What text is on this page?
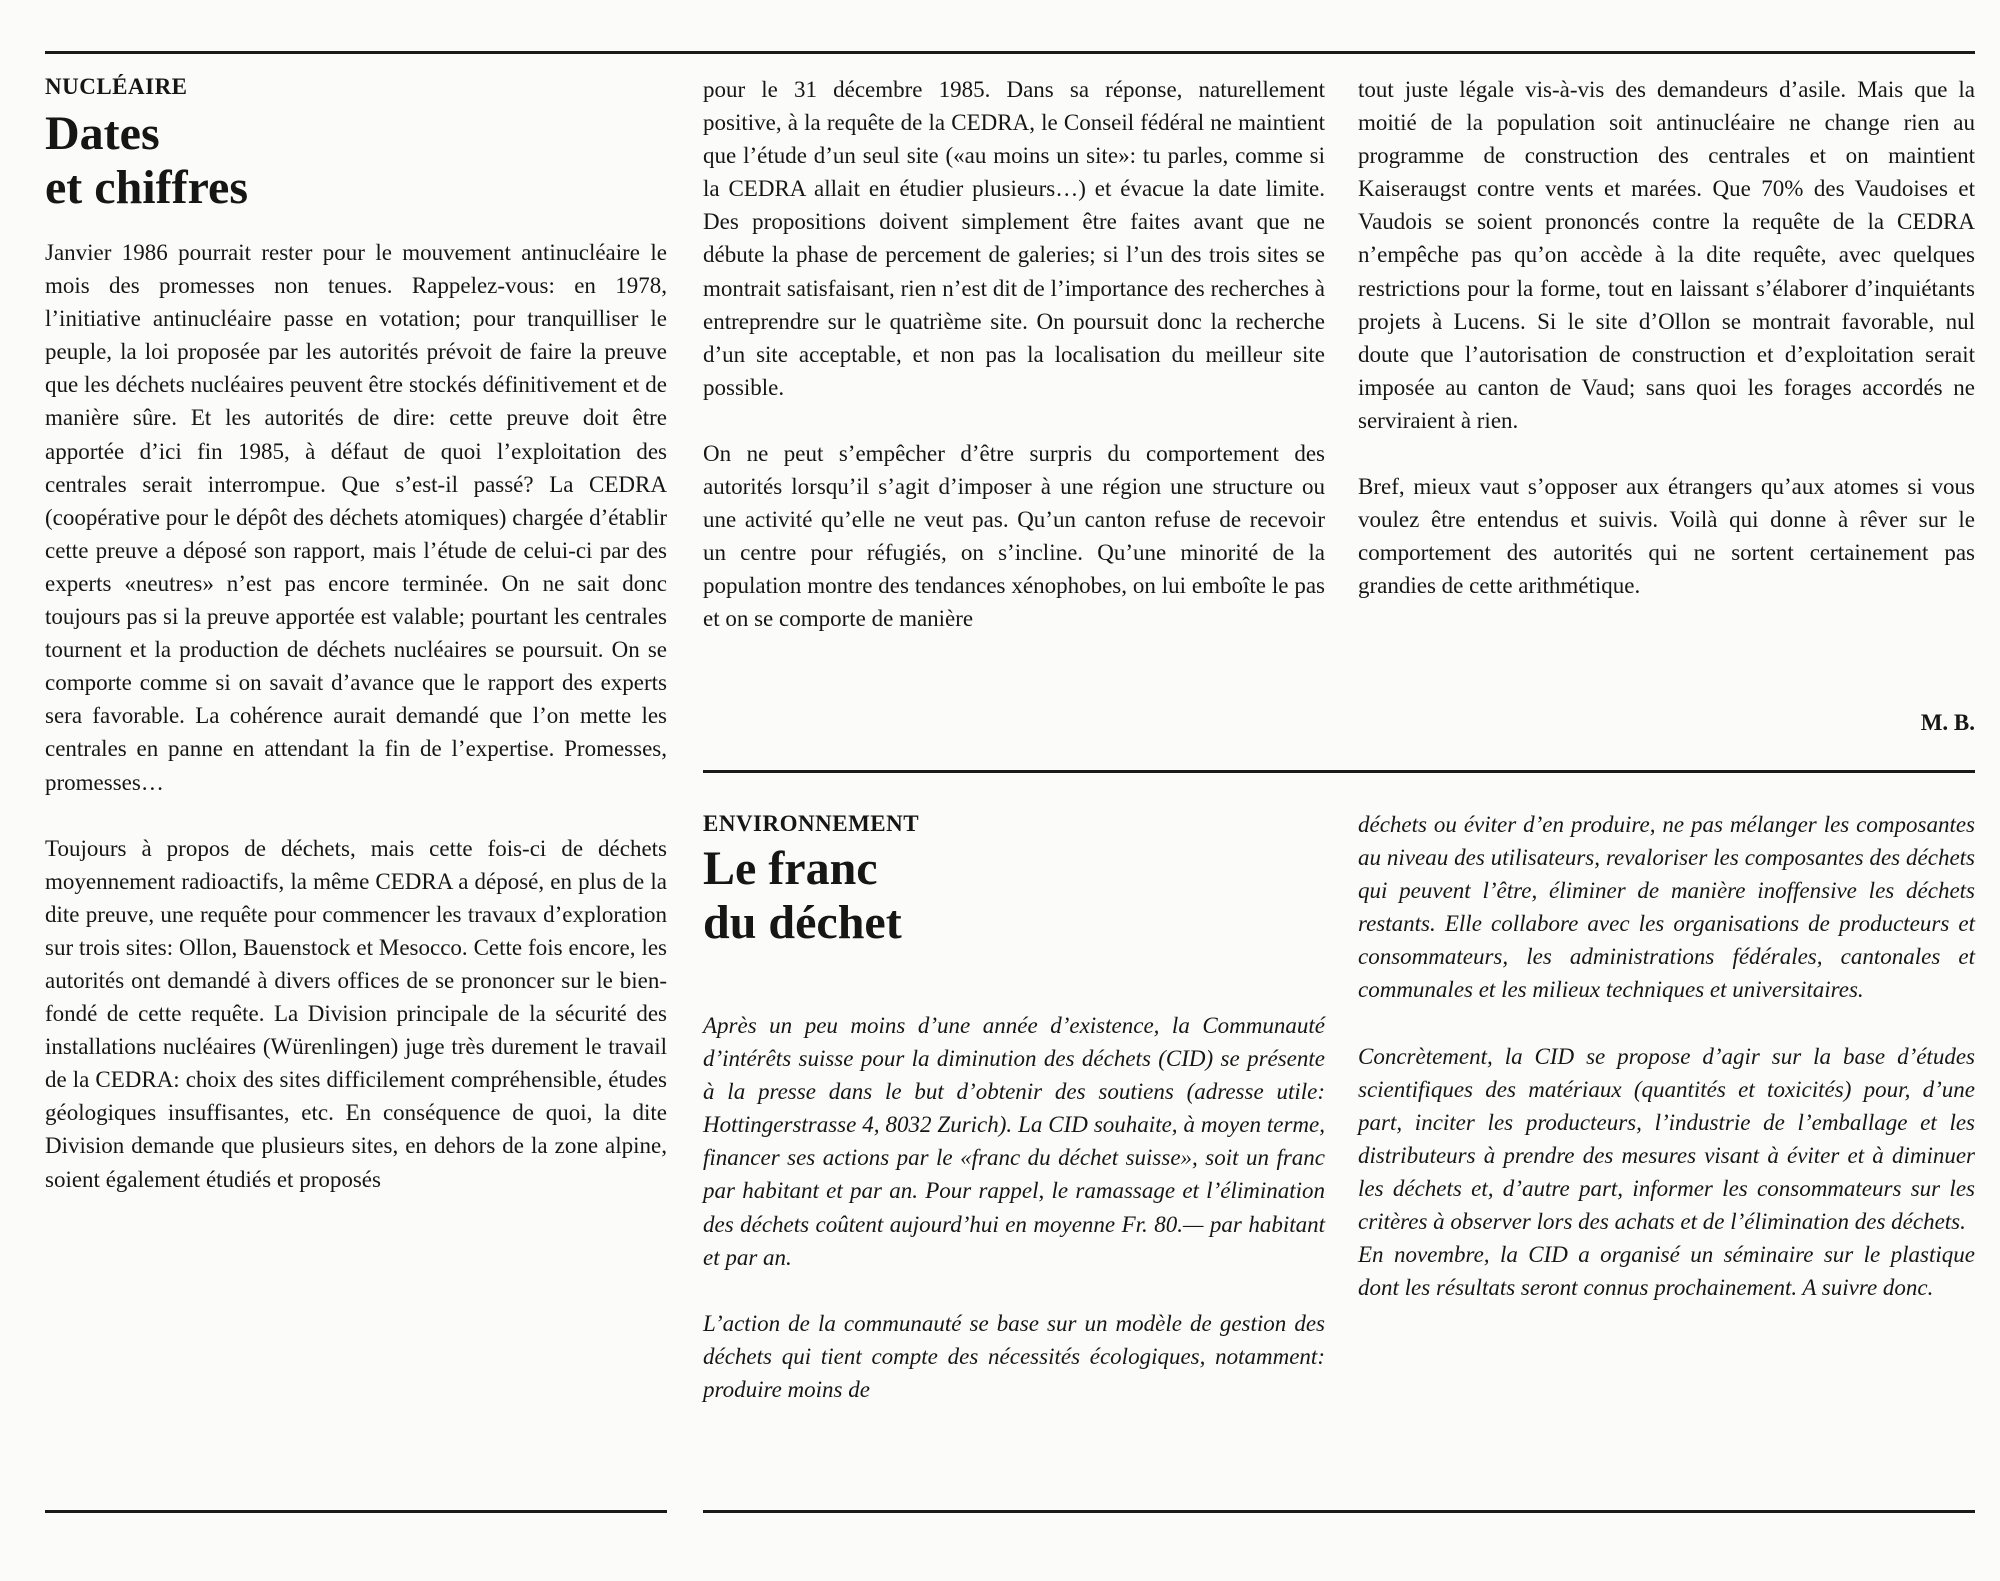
NUCLÉAIRE
Dates
et chiffres

Janvier 1986 pourrait rester pour le mouvement antinucléaire le mois des promesses non tenues. Rappelez-vous: en 1978, l’initiative antinucléaire passe en votation; pour tranquilliser le peuple, la loi proposée par les autorités prévoit de faire la preuve que les déchets nucléaires peuvent être stockés définitivement et de manière sûre. Et les autorités de dire: cette preuve doit être apportée d’ici fin 1985, à défaut de quoi l’exploitation des centrales serait interrompue. Que s’est-il passé? La CEDRA (coopérative pour le dépôt des déchets atomiques) chargée d’établir cette preuve a déposé son rapport, mais l’étude de celui-ci par des experts «neutres» n’est pas encore terminée. On ne sait donc toujours pas si la preuve apportée est valable; pourtant les centrales tournent et la production de déchets nucléaires se poursuit. On se comporte comme si on savait d’avance que le rapport des experts sera favorable. La cohérence aurait demandé que l’on mette les centrales en panne en attendant la fin de l’expertise. Promesses, promesses…

Toujours à propos de déchets, mais cette fois-ci de déchets moyennement radioactifs, la même CEDRA a déposé, en plus de la dite preuve, une requête pour commencer les travaux d’exploration sur trois sites: Ollon, Bauenstock et Mesocco. Cette fois encore, les autorités ont demandé à divers offices de se prononcer sur le bien-fondé de cette requête. La Division principale de la sécurité des installations nucléaires (Würenlingen) juge très durement le travail de la CEDRA: choix des sites difficilement compréhensible, études géologiques insuffisantes, etc. En conséquence de quoi, la dite Division demande que plusieurs sites, en dehors de la zone alpine, soient également étudiés et proposés

pour le 31 décembre 1985. Dans sa réponse, naturellement positive, à la requête de la CEDRA, le Conseil fédéral ne maintient que l’étude d’un seul site («au moins un site»: tu parles, comme si la CEDRA allait en étudier plusieurs…) et évacue la date limite. Des propositions doivent simplement être faites avant que ne débute la phase de percement de galeries; si l’un des trois sites se montrait satisfaisant, rien n’est dit de l’importance des recherches à entreprendre sur le quatrième site. On poursuit donc la recherche d’un site acceptable, et non pas la localisation du meilleur site possible.

On ne peut s’empêcher d’être surpris du comportement des autorités lorsqu’il s’agit d’imposer à une région une structure ou une activité qu’elle ne veut pas. Qu’un canton refuse de recevoir un centre pour réfugiés, on s’incline. Qu’une minorité de la population montre des tendances xénophobes, on lui emboîte le pas et on se comporte de manière

tout juste légale vis-à-vis des demandeurs d’asile. Mais que la moitié de la population soit antinucléaire ne change rien au programme de construction des centrales et on maintient Kaiseraugst contre vents et marées. Que 70% des Vaudoises et Vaudois se soient prononcés contre la requête de la CEDRA n’empêche pas qu’on accède à la dite requête, avec quelques restrictions pour la forme, tout en laissant s’élaborer d’inquiétants projets à Lucens. Si le site d’Ollon se montrait favorable, nul doute que l’autorisation de construction et d’exploitation serait imposée au canton de Vaud; sans quoi les forages accordés ne serviraient à rien.

Bref, mieux vaut s’opposer aux étrangers qu’aux atomes si vous voulez être entendus et suivis. Voilà qui donne à rêver sur le comportement des autorités qui ne sortent certainement pas grandies de cette arithmétique.

M. B.
ENVIRONNEMENT
Le franc
du déchet

Après un peu moins d’une année d’existence, la Communauté d’intérêts suisse pour la diminution des déchets (CID) se présente à la presse dans le but d’obtenir des soutiens (adresse utile: Hottingerstrasse 4, 8032 Zurich). La CID souhaite, à moyen terme, financer ses actions par le «franc du déchet suisse», soit un franc par habitant et par an. Pour rappel, le ramassage et l’élimination des déchets coûtent aujourd’hui en moyenne Fr. 80.— par habitant et par an.

L’action de la communauté se base sur un modèle de gestion des déchets qui tient compte des nécessités écologiques, notamment: produire moins de

déchets ou éviter d’en produire, ne pas mélanger les composantes au niveau des utilisateurs, revaloriser les composantes des déchets qui peuvent l’être, éliminer de manière inoffensive les déchets restants. Elle collabore avec les organisations de producteurs et consommateurs, les administrations fédérales, cantonales et communales et les milieux techniques et universitaires.

Concrètement, la CID se propose d’agir sur la base d’études scientifiques des matériaux (quantités et toxicités) pour, d’une part, inciter les producteurs, l’industrie de l’emballage et les distributeurs à prendre des mesures visant à éviter et à diminuer les déchets et, d’autre part, informer les consommateurs sur les critères à observer lors des achats et de l’élimination des déchets.

En novembre, la CID a organisé un séminaire sur le plastique dont les résultats seront connus prochainement. A suivre donc.
